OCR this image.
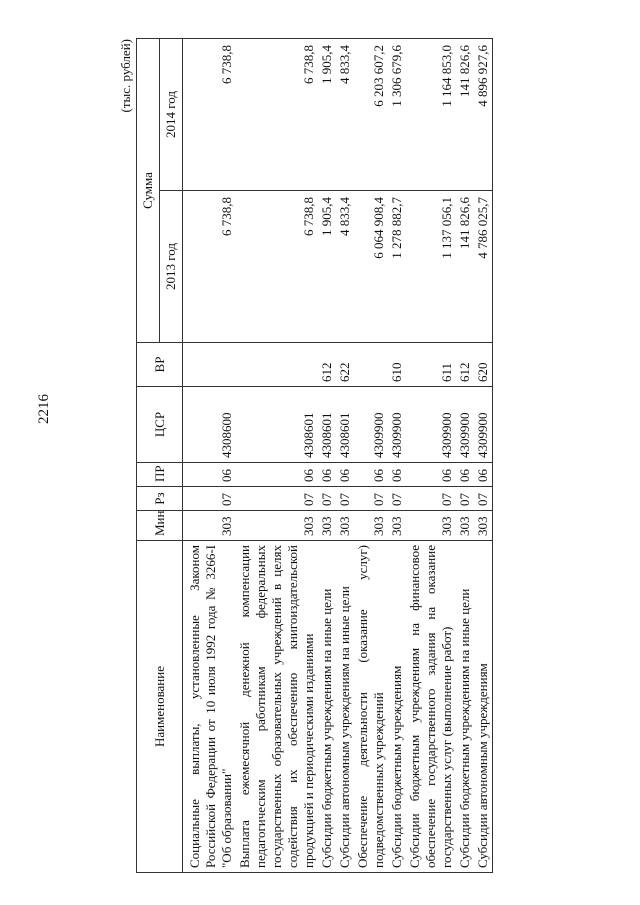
2216
(тыс. рублей)
Наименование	Мин	Рз	ПР	ЦСР	ВР	Сумма	
						2013 год	2014 год
Социальные выплаты, установленные Законом Российской Федерации от 10 июля 1992 года № 3266-I "Об образовании"	303	07	06	4308600		6 738,8	6 738,8
Выплата ежемесячной денежной компенсации педагогическим работникам федеральных государственных образовательных учреждений в целях содействия их обеспечению книгоиздательской продукцией и периодическими изданиями	303	07	06	4308601		6 738,8	6 738,8
Субсидии бюджетным учреждениям на иные цели	303	07	06	4308601	612	1 905,4	1 905,4
Субсидии автономным учреждениям на иные цели	303	07	06	4308601	622	4 833,4	4 833,4
Обеспечение деятельности (оказание услуг) подведомственных учреждений	303	07	06	4309900		6 064 908,4	6 203 607,2
Субсидии бюджетным учреждениям	303	07	06	4309900	610	1 278 882,7	1 306 679,6
Субсидии бюджетным учреждениям на финансовое обеспечение государственного задания на оказание государственных услуг (выполнение работ)	303	07	06	4309900	611	1 137 056,1	1 164 853,0
Субсидии бюджетным учреждениям на иные цели	303	07	06	4309900	612	141 826,6	141 826,6
Субсидии автономным учреждениям	303	07	06	4309900	620	4 786 025,7	4 896 927,6
